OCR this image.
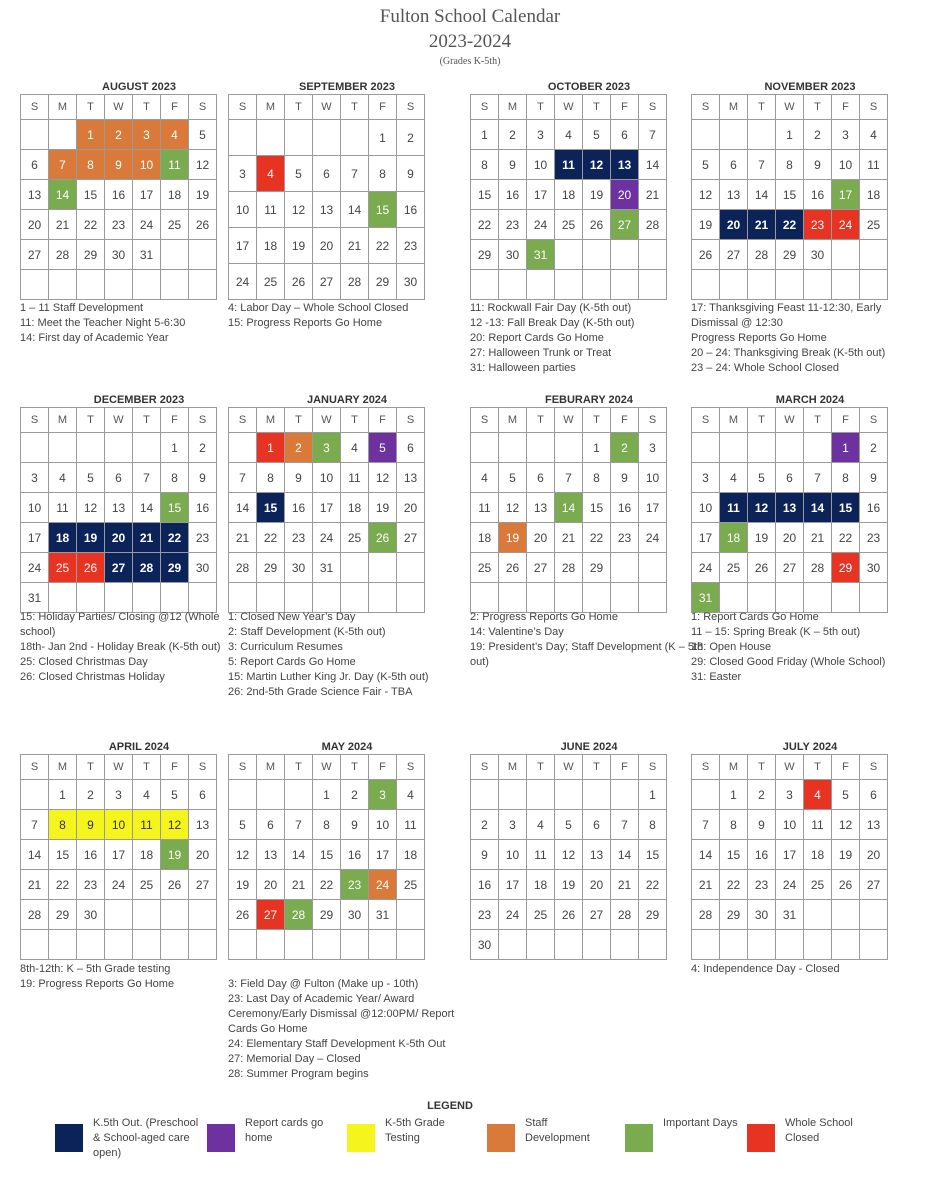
Fulton School Calendar
2023-2024
(Grades K-5th)
AUGUST 2023
S	M	T	W	T	F	S
		1	2	3	4	5
6	7	8	9	10	11	12
13	14	15	16	17	18	19
20	21	22	23	24	25	26
27	28	29	30	31		

1 – 11 Staff Development
11: Meet the Teacher Night 5-6:30
14: First day of Academic Year
SEPTEMBER 2023
S	M	T	W	T	F	S
					1	2
3	4	5	6	7	8	9
10	11	12	13	14	15	16
17	18	19	20	21	22	23
24	25	26	27	28	29	30
4: Labor Day – Whole School Closed
15: Progress Reports Go Home
OCTOBER 2023
S	M	T	W	T	F	S
1	2	3	4	5	6	7
8	9	10	11	12	13	14
15	16	17	18	19	20	21
22	23	24	25	26	27	28
29	30	31				

11: Rockwall Fair Day (K-5th out)
12 -13: Fall Break Day (K-5th out)
20: Report Cards Go Home
27: Halloween Trunk or Treat
31: Halloween parties
NOVEMBER 2023
S	M	T	W	T	F	S
			1	2	3	4
5	6	7	8	9	10	11
12	13	14	15	16	17	18
19	20	21	22	23	24	25
26	27	28	29	30		

17: Thanksgiving Feast 11-12:30, Early Dismissal @ 12:30
Progress Reports Go Home
20 – 24: Thanksgiving Break (K-5th out)
23 – 24: Whole School Closed
DECEMBER 2023
S	M	T	W	T	F	S
					1	2
3	4	5	6	7	8	9
10	11	12	13	14	15	16
17	18	19	20	21	22	23
24	25	26	27	28	29	30
31						
15: Holiday Parties/ Closing @12 (Whole school)
18th- Jan 2nd - Holiday Break (K-5th out)
25: Closed Christmas Day
26: Closed Christmas Holiday
JANUARY 2024
S	M	T	W	T	F	S
	1	2	3	4	5	6
7	8	9	10	11	12	13
14	15	16	17	18	19	20
21	22	23	24	25	26	27
28	29	30	31			

1: Closed New Year’s Day
2: Staff Development (K-5th out)
3: Curriculum Resumes
5: Report Cards Go Home
15: Martin Luther King Jr. Day (K-5th out)
26: 2nd-5th Grade Science Fair - TBA
FEBURARY 2024
S	M	T	W	T	F	S
				1	2	3
4	5	6	7	8	9	10
11	12	13	14	15	16	17
18	19	20	21	22	23	24
25	26	27	28	29		

2: Progress Reports Go Home
14: Valentine’s Day
19: President’s Day; Staff Development (K – 5th out)
MARCH 2024
S	M	T	W	T	F	S
					1	2
3	4	5	6	7	8	9
10	11	12	13	14	15	16
17	18	19	20	21	22	23
24	25	26	27	28	29	30
31						
1: Report Cards Go Home
11 – 15: Spring Break (K – 5th out)
18: Open House
29: Closed Good Friday (Whole School)
31: Easter
APRIL 2024
S	M	T	W	T	F	S
	1	2	3	4	5	6
7	8	9	10	11	12	13
14	15	16	17	18	19	20
21	22	23	24	25	26	27
28	29	30				

8th-12th: K – 5th Grade testing
19: Progress Reports Go Home
MAY 2024
S	M	T	W	T	F	S
			1	2	3	4
5	6	7	8	9	10	11
12	13	14	15	16	17	18
19	20	21	22	23	24	25
26	27	28	29	30	31	

3: Field Day @ Fulton (Make up - 10th)
23: Last Day of Academic Year/ Award Ceremony/Early Dismissal @12:00PM/ Report Cards Go Home
24: Elementary Staff Development K-5th Out
27: Memorial Day – Closed
28: Summer Program begins
JUNE 2024
S	M	T	W	T	F	S
						1
2	3	4	5	6	7	8
9	10	11	12	13	14	15
16	17	18	19	20	21	22
23	24	25	26	27	28	29
30						
JULY 2024
S	M	T	W	T	F	S
	1	2	3	4	5	6
7	8	9	10	11	12	13
14	15	16	17	18	19	20
21	22	23	24	25	26	27
28	29	30	31			

4: Independence Day - Closed
LEGEND
K.5th Out. (Preschool & School-aged care open)
Report cards go home
K-5th Grade Testing
Staff Development
Important Days	Whole School Closed
